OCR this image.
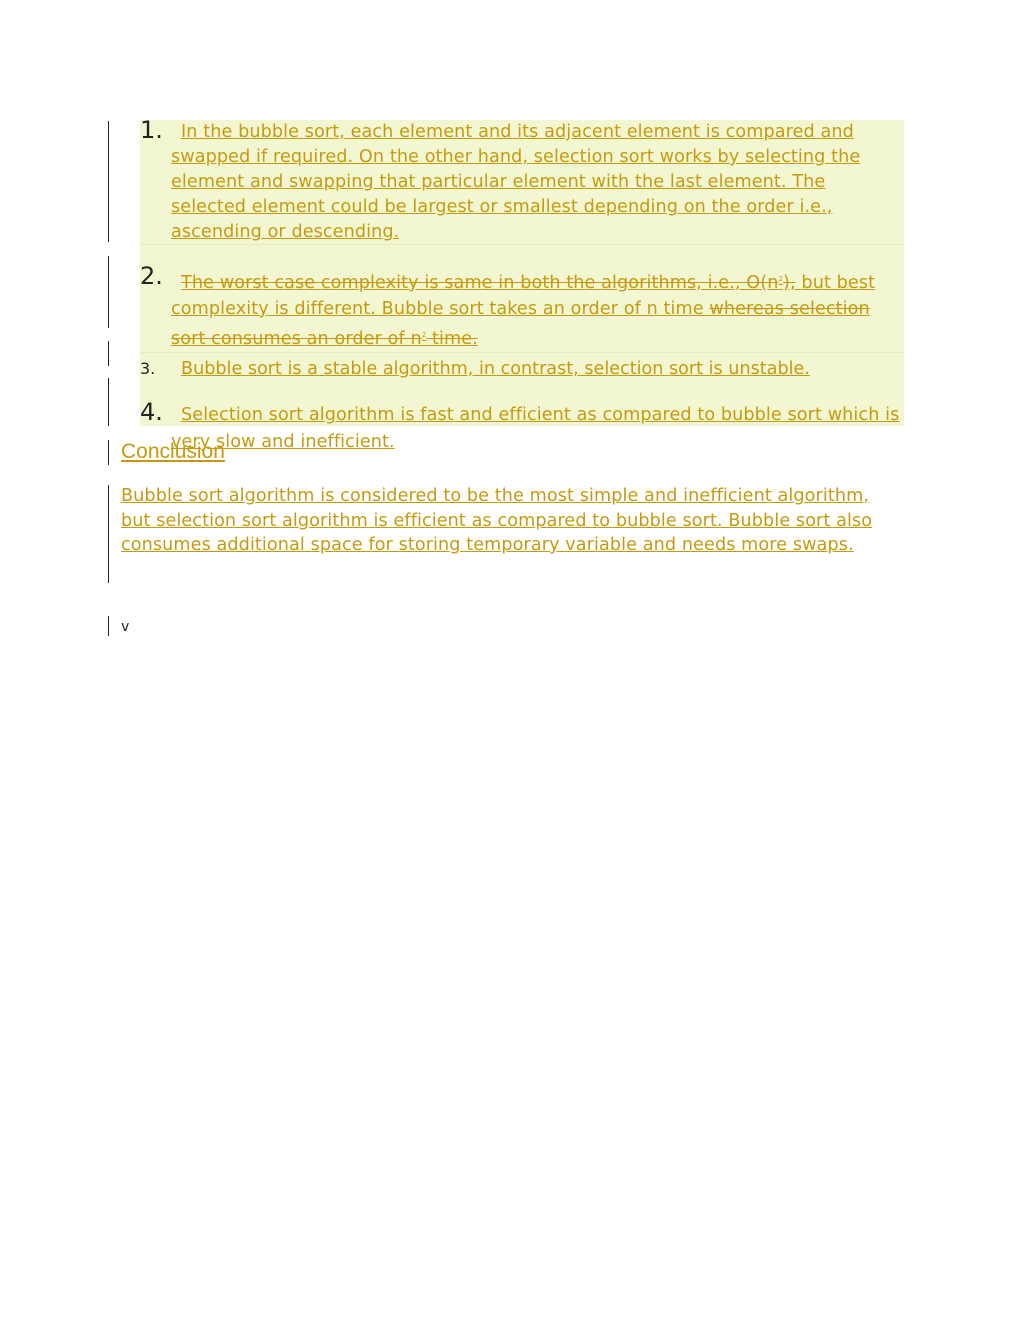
1.	In the bubble sort, each element and its adjacent element is compared and swapped if required. On the other hand, selection sort works by selecting the element and swapping that particular element with the last element. The selected element could be largest or smallest depending on the order i.e., ascending or descending.
2.	The worst case complexity is same in both the algorithms, i.e., $O(n^2)$, but best complexity is different. Bubble sort takes an order of n time whereas selection sort consumes an order of $n^2$ time.
3.	Bubble sort is a stable algorithm, in contrast, selection sort is unstable.
4.	Selection sort algorithm is fast and efficient as compared to bubble sort which is very slow and inefficient.
Conclusion
Bubble sort algorithm is considered to be the most simple and inefficient algorithm, but selection sort algorithm is efficient as compared to bubble sort. Bubble sort also consumes additional space for storing temporary variable and needs more swaps.
v
